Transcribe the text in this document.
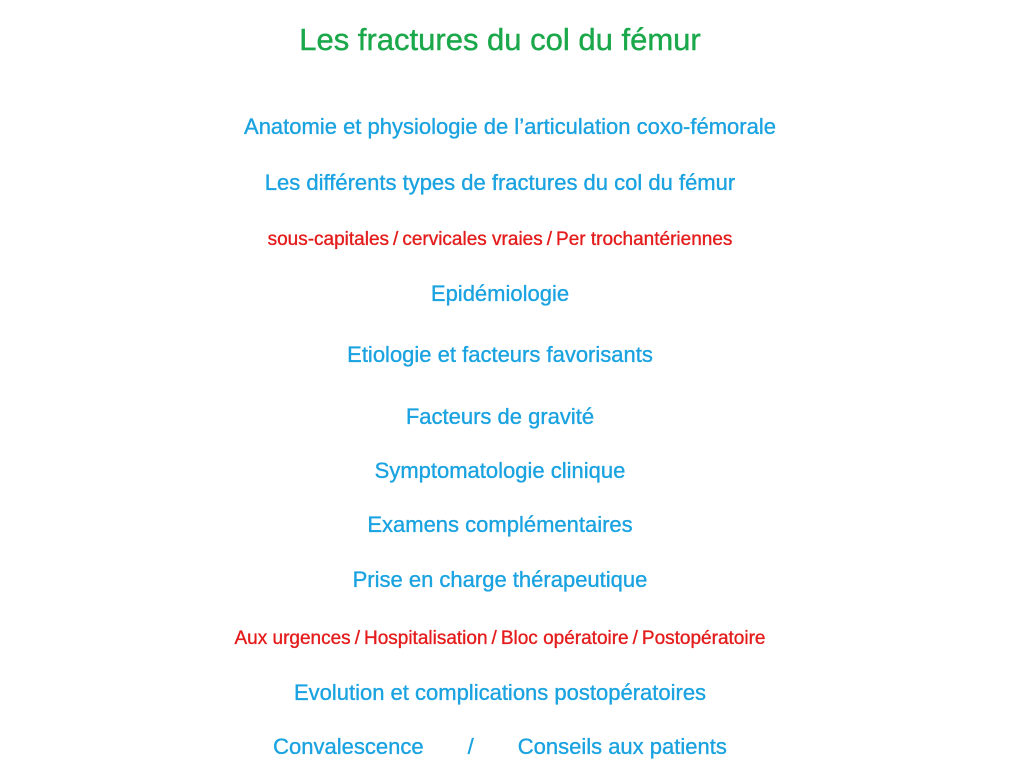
Les fractures du col du fémur

Anatomie et physiologie de l’articulation coxo-fémorale

Les différents types de fractures du col du fémur

sous-capitales / cervicales vraies / Per trochantériennes

Epidémiologie

Etiologie et facteurs favorisants

Facteurs de gravité

Symptomatologie clinique

Examens complémentaires

Prise en charge thérapeutique

Aux urgences / Hospitalisation / Bloc opératoire / Postopératoire

Evolution et complications postopératoires

Convalescence / Conseils aux patients
